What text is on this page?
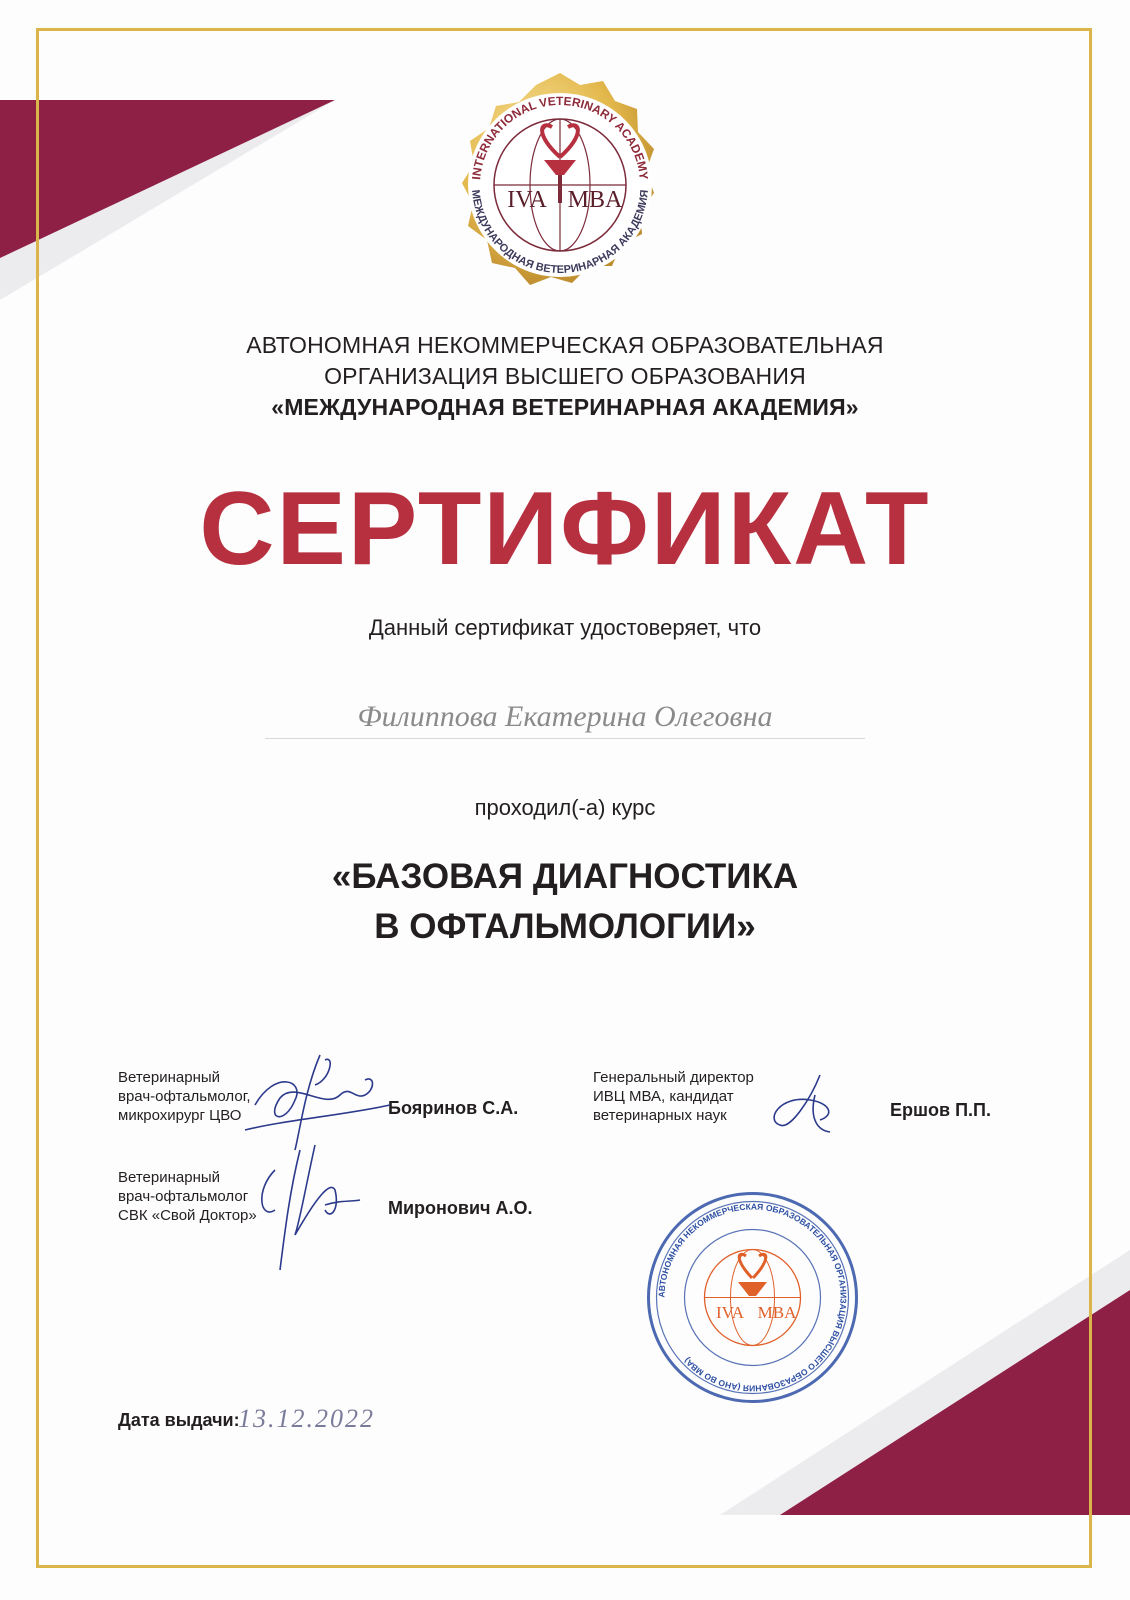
IVA MBA
INTERNATIONAL VETERINARY ACADEMY
МЕЖДУНАРОДНАЯ ВЕТЕРИНАРНАЯ АКАДЕМИЯ
АВТОНОМНАЯ НЕКОММЕРЧЕСКАЯ ОБРАЗОВАТЕЛЬНАЯ
ОРГАНИЗАЦИЯ ВЫСШЕГО ОБРАЗОВАНИЯ
«МЕЖДУНАРОДНАЯ ВЕТЕРИНАРНАЯ АКАДЕМИЯ»
СЕРТИФИКАТ
Данный сертификат удостоверяет, что
Филиппова Екатерина Олеговна
проходил(-а) курс
«БАЗОВАЯ ДИАГНОСТИКА
В ОФТАЛЬМОЛОГИИ»
Ветеринарный
врач-офтальмолог,
микрохирург ЦВО	Бояринов С.А.
Ветеринарный
врач-офтальмолог
СВК «Свой Доктор»	Миронович А.О.
Генеральный директор
ИВЦ МВА, кандидат
ветеринарных наук	Ершов П.П.
АВТОНОМНАЯ НЕКОММЕРЧЕСКАЯ ОБРАЗОВАТЕЛЬНАЯ ОРГАНИЗАЦИЯ ВЫСШЕГО ОБРАЗОВАНИЯ (АНО ВО МВА)
IVA MBA
Дата выдачи:
13.12.2022
